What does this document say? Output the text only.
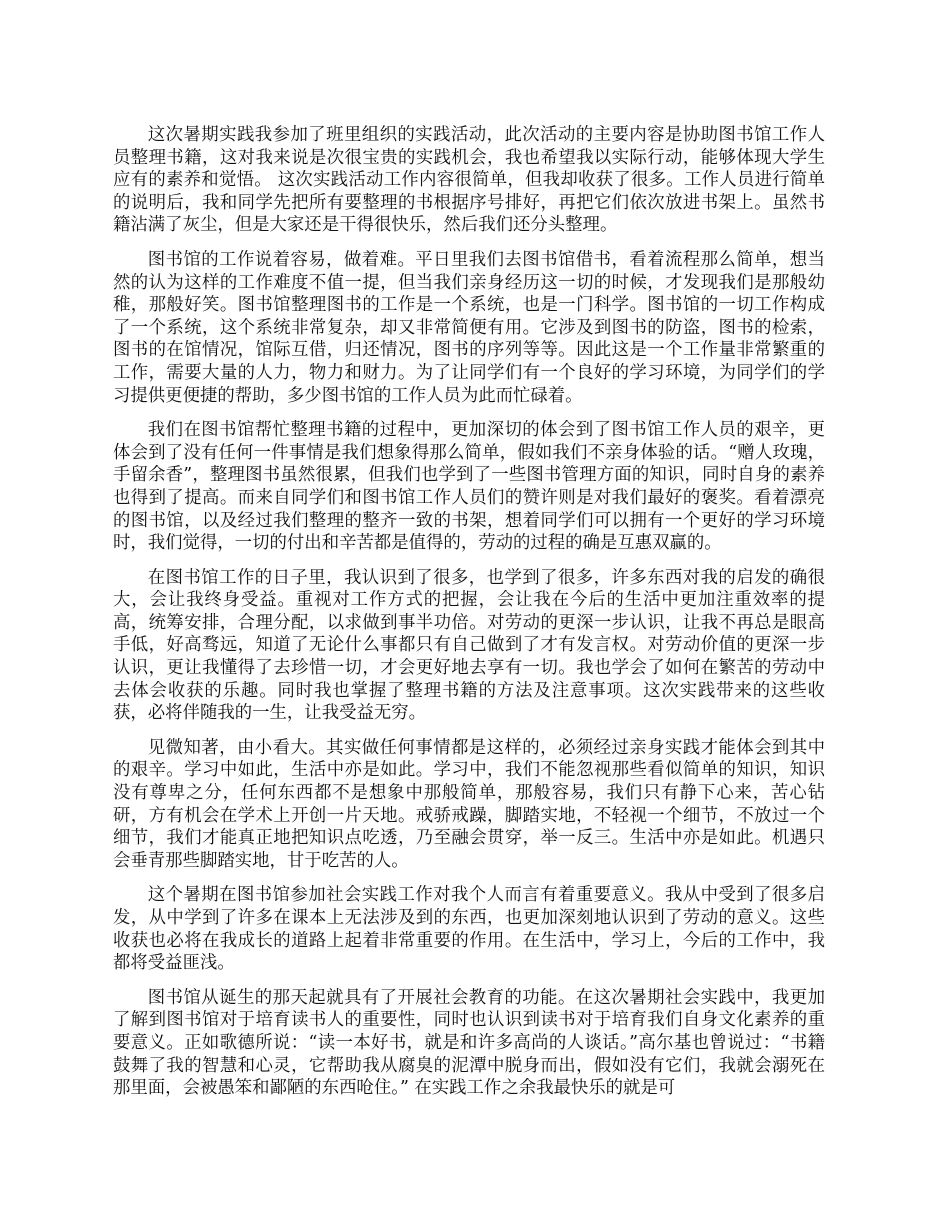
这次暑期实践我参加了班里组织的实践活动，此次活动的主要内容是协助图书馆工作人员整理书籍，这对我来说是次很宝贵的实践机会，我也希望我以实际行动，能够体现大学生应有的素养和觉悟。 这次实践活动工作内容很简单，但我却收获了很多。工作人员进行简单的说明后，我和同学先把所有要整理的书根据序号排好，再把它们依次放进书架上。虽然书籍沾满了灰尘，但是大家还是干得很快乐，然后我们还分头整理。

图书馆的工作说着容易，做着难。平日里我们去图书馆借书，看着流程那么简单，想当然的认为这样的工作难度不值一提，但当我们亲身经历这一切的时候，才发现我们是那般幼稚，那般好笑。图书馆整理图书的工作是一个系统，也是一门科学。图书馆的一切工作构成了一个系统，这个系统非常复杂，却又非常简便有用。它涉及到图书的防盗，图书的检索，图书的在馆情况，馆际互借，归还情况，图书的序列等等。因此这是一个工作量非常繁重的工作，需要大量的人力，物力和财力。为了让同学们有一个良好的学习环境，为同学们的学习提供更便捷的帮助，多少图书馆的工作人员为此而忙碌着。

我们在图书馆帮忙整理书籍的过程中，更加深切的体会到了图书馆工作人员的艰辛，更体会到了没有任何一件事情是我们想象得那么简单，假如我们不亲身体验的话。“赠人玫瑰，手留余香”，整理图书虽然很累，但我们也学到了一些图书管理方面的知识，同时自身的素养也得到了提高。而来自同学们和图书馆工作人员们的赞许则是对我们最好的褒奖。看着漂亮的图书馆，以及经过我们整理的整齐一致的书架，想着同学们可以拥有一个更好的学习环境时，我们觉得，一切的付出和辛苦都是值得的，劳动的过程的确是互惠双赢的。

在图书馆工作的日子里，我认识到了很多，也学到了很多，许多东西对我的启发的确很大，会让我终身受益。重视对工作方式的把握，会让我在今后的生活中更加注重效率的提高，统筹安排，合理分配，以求做到事半功倍。对劳动的更深一步认识，让我不再总是眼高手低，好高骛远，知道了无论什么事都只有自己做到了才有发言权。对劳动价值的更深一步认识，更让我懂得了去珍惜一切，才会更好地去享有一切。我也学会了如何在繁苦的劳动中去体会收获的乐趣。同时我也掌握了整理书籍的方法及注意事项。这次实践带来的这些收获，必将伴随我的一生，让我受益无穷。

见微知著，由小看大。其实做任何事情都是这样的，必须经过亲身实践才能体会到其中的艰辛。学习中如此，生活中亦是如此。学习中，我们不能忽视那些看似简单的知识，知识没有尊卑之分，任何东西都不是想象中那般简单，那般容易，我们只有静下心来，苦心钻研，方有机会在学术上开创一片天地。戒骄戒躁，脚踏实地，不轻视一个细节，不放过一个细节，我们才能真正地把知识点吃透，乃至融会贯穿，举一反三。生活中亦是如此。机遇只会垂青那些脚踏实地，甘于吃苦的人。

这个暑期在图书馆参加社会实践工作对我个人而言有着重要意义。我从中受到了很多启发，从中学到了许多在课本上无法涉及到的东西，也更加深刻地认识到了劳动的意义。这些收获也必将在我成长的道路上起着非常重要的作用。在生活中，学习上，今后的工作中，我都将受益匪浅。

图书馆从诞生的那天起就具有了开展社会教育的功能。在这次暑期社会实践中，我更加了解到图书馆对于培育读书人的重要性，同时也认识到读书对于培育我们自身文化素养的重要意义。正如歌德所说：“读一本好书，就是和许多高尚的人谈话。”高尔基也曾说过：“书籍鼓舞了我的智慧和心灵，它帮助我从腐臭的泥潭中脱身而出，假如没有它们，我就会溺死在那里面，会被愚笨和鄙陋的东西呛住。” 在实践工作之余我最快乐的就是可
